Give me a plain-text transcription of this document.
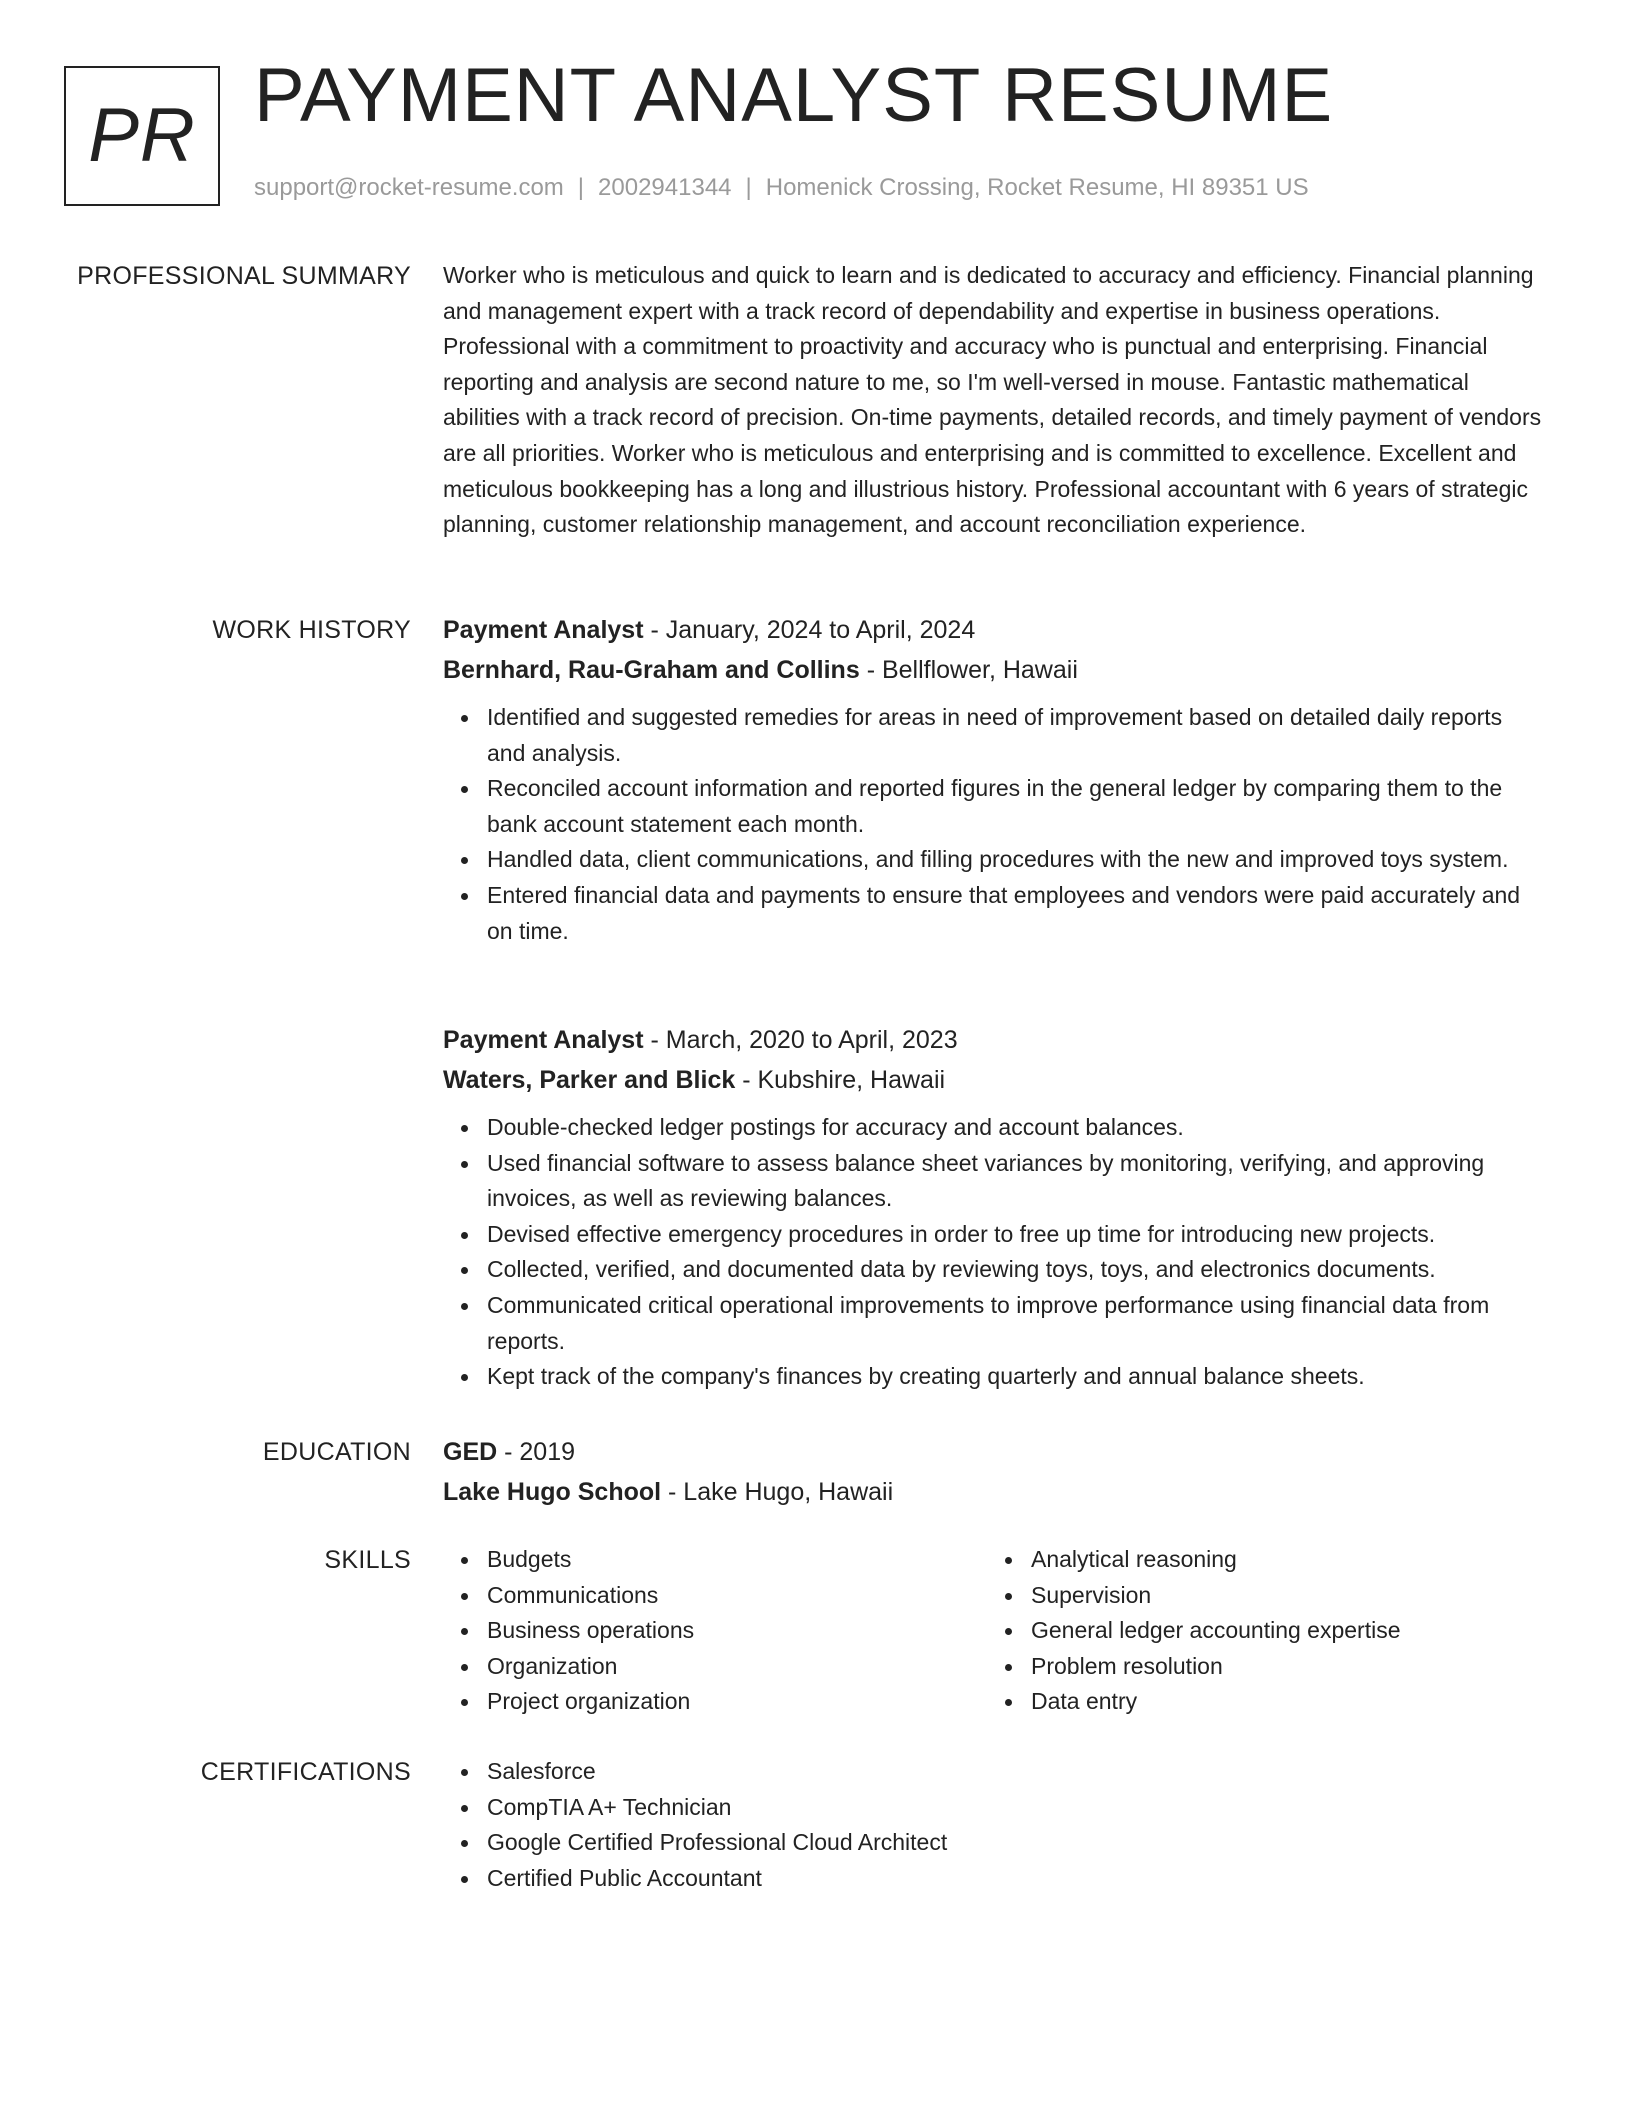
PR PAYMENT ANALYST RESUME
support@rocket-resume.com | 2002941344 | Homenick Crossing, Rocket Resume, HI 89351 US
PROFESSIONAL SUMMARY Worker who is meticulous and quick to learn and is dedicated to accuracy and efficiency. Financial planning and management expert with a track record of dependability and expertise in business operations. Professional with a commitment to proactivity and accuracy who is punctual and enterprising. Financial reporting and analysis are second nature to me, so I'm well-versed in mouse. Fantastic mathematical abilities with a track record of precision. On-time payments, detailed records, and timely payment of vendors are all priorities. Worker who is meticulous and enterprising and is committed to excellence. Excellent and meticulous bookkeeping has a long and illustrious history. Professional accountant with 6 years of strategic planning, customer relationship management, and account reconciliation experience.

WORK HISTORY Payment Analyst - January, 2024 to April, 2024
Bernhard, Rau-Graham and Collins - Bellflower, Hawaii
Identified and suggested remedies for areas in need of improvement based on detailed daily reports and analysis.
Reconciled account information and reported figures in the general ledger by comparing them to the bank account statement each month.
Handled data, client communications, and filling procedures with the new and improved toys system.
Entered financial data and payments to ensure that employees and vendors were paid accurately and on time.
Payment Analyst - March, 2020 to April, 2023
Waters, Parker and Blick - Kubshire, Hawaii
Double-checked ledger postings for accuracy and account balances.
Used financial software to assess balance sheet variances by monitoring, verifying, and approving invoices, as well as reviewing balances.
Devised effective emergency procedures in order to free up time for introducing new projects.
Collected, verified, and documented data by reviewing toys, toys, and electronics documents.
Communicated critical operational improvements to improve performance using financial data from reports.
Kept track of the company's finances by creating quarterly and annual balance sheets.
EDUCATION GED - 2019
Lake Hugo School - Lake Hugo, Hawaii
SKILLS	Budgets
Communications
Business operations
Organization
Project organization
Analytical reasoning
Supervision
General ledger accounting expertise
Problem resolution
Data entry
CERTIFICATIONS	Salesforce
CompTIA A+ Technician
Google Certified Professional Cloud Architect
Certified Public Accountant
